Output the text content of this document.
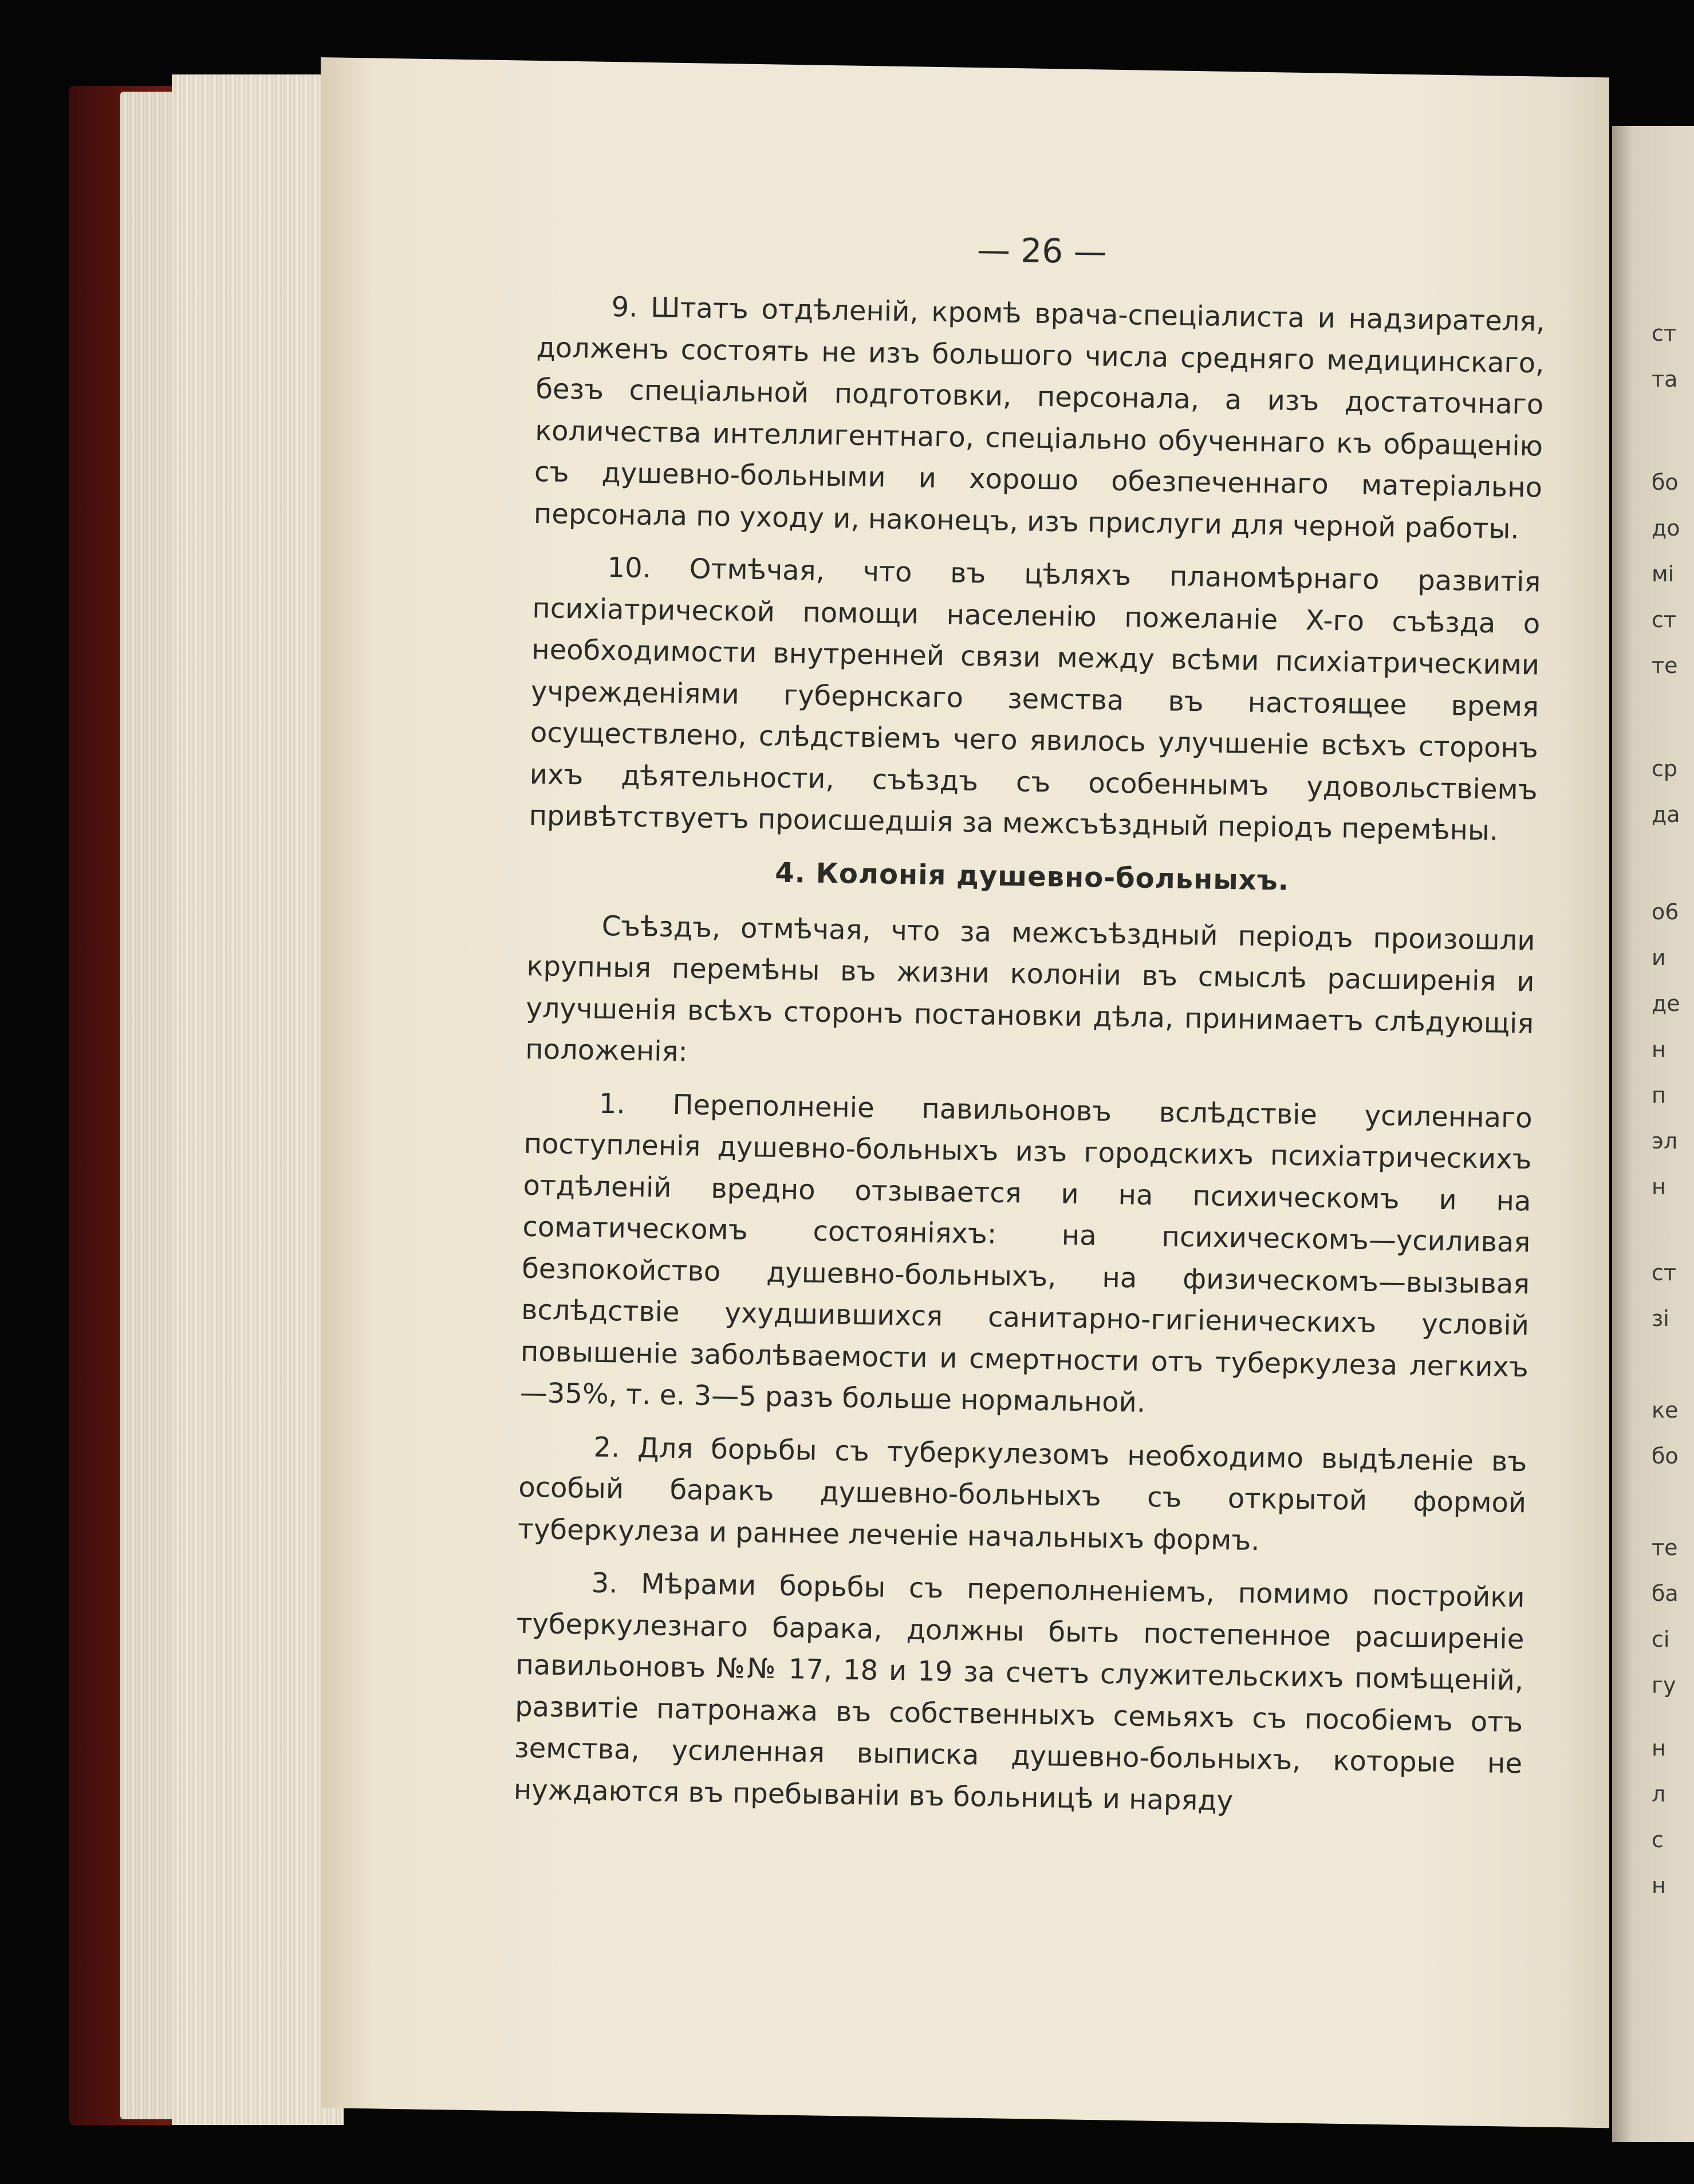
— 26 —

9. Штатъ отдѣленій, кромѣ врача-спеціалиста и надзирателя, долженъ состоять не изъ большого числа средняго медицинскаго, безъ спеціальной подготовки, персонала, а изъ достаточнаго количества интеллигентнаго, спеціально обученнаго къ обращенію съ душевно-больными и хорошо обезпеченнаго матеріально персонала по уходу и, наконецъ, изъ прислуги для черной работы.

10. Отмѣчая, что въ цѣляхъ планомѣрнаго развитія психіатрической помощи населенію пожеланіе X-го съѣзда о необходимости внутренней связи между всѣми психіатрическими учрежденіями губернскаго земства въ настоящее время осуществлено, слѣдствіемъ чего явилось улучшеніе всѣхъ сторонъ ихъ дѣятельности, съѣздъ съ особеннымъ удовольствіемъ привѣтствуетъ происшедшія за межсъѣздный періодъ перемѣны.

4. Колонія душевно-больныхъ.

Съѣздъ, отмѣчая, что за межсъѣздный періодъ произошли крупныя перемѣны въ жизни колоніи въ смыслѣ расширенія и улучшенія всѣхъ сторонъ постановки дѣла, принимаетъ слѣдующія положенія:

1. Переполненіе павильоновъ вслѣдствіе усиленнаго поступленія душевно-больныхъ изъ городскихъ психіатрическихъ отдѣленій вредно отзывается и на психическомъ и на соматическомъ состояніяхъ: на психическомъ—усиливая безпокойство душевно-больныхъ, на физическомъ—вызывая вслѣдствіе ухудшившихся санитарно-гигіеническихъ условій повышеніе заболѣваемости и смертности отъ туберкулеза легкихъ—35%, т. е. 3—5 разъ больше нормальной.

2. Для борьбы съ туберкулезомъ необходимо выдѣленіе въ особый баракъ душевно-больныхъ съ открытой формой туберкулеза и раннее леченіе начальныхъ формъ.

3. Мѣрами борьбы съ переполненіемъ, помимо постройки туберкулезнаго барака, должны быть постепенное расширеніе павильоновъ №№ 17, 18 и 19 за счетъ служительскихъ помѣщеній, развитіе патронажа въ собственныхъ семьяхъ съ пособіемъ отъ земства, усиленная выписка душевно-больныхъ, которые не нуждаются въ пребываніи въ больницѣ и наряду

ст
та
бо
до
мі
ст
те
ср
да
о6
и
де
н
п
эл
н
ст
зі
ке
бо
те
ба
сі
гу
н
л
с
н
